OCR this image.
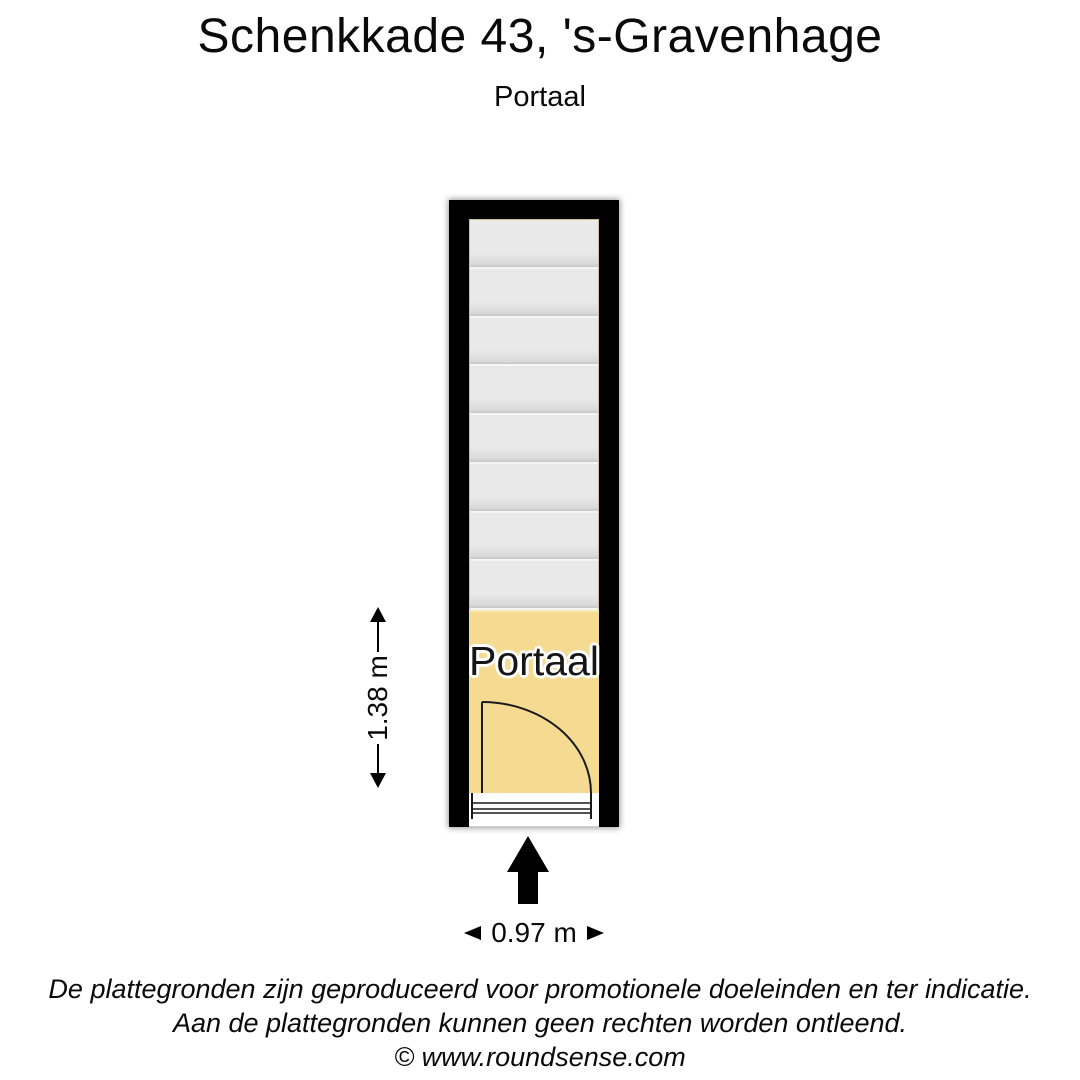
Schenkkade 43, 's-Gravenhage
Portaal
Portaal
1.38 m
0.97 m
De plattegronden zijn geproduceerd voor promotionele doeleinden en ter indicatie.
Aan de plattegronden kunnen geen rechten worden ontleend.
© www.roundsense.com
